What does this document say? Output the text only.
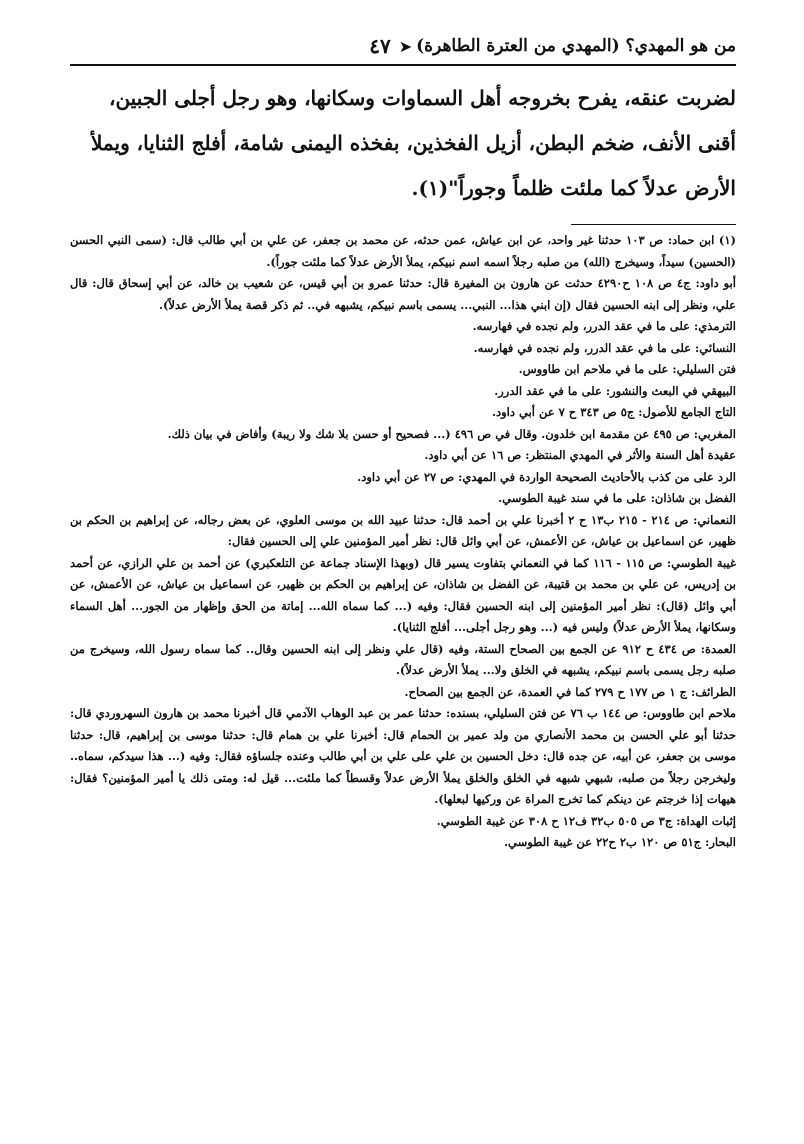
من هو المهدي؟ (المهدي من العترة الطاهرة)
➤
٤٧

لضربت عنقه، يفرح بخروجه أهل السماوات وسكانها، وهو رجل أجلى الجبين،

أقنى الأنف، ضخم البطن، أزيل الفخذين، بفخذه اليمنى شامة، أفلج الثنايا، ويملأ

الأرض عدلاً كما ملئت ظلماً وجوراً"(١).

(١) ابن حماد: ص ١٠٣ حدثنا غير واحد، عن ابن عياش، عمن حدثه، عن محمد بن جعفر، عن علي بن أبي طالب قال: (سمى النبي الحسن (الحسين) سيداً، وسيخرج (الله) من صلبه رجلاً اسمه اسم نبيكم، يملأ الأرض عدلاً كما ملئت جوراً).

أبو داود: ج٤ ص ١٠٨ ح٤٢٩٠ حدثت عن هارون بن المغيرة قال: حدثنا عمرو بن أبي قيس، عن شعيب بن خالد، عن أبي إسحاق قال: قال علي، ونظر إلى ابنه الحسين فقال (إن ابني هذا... النبي... يسمى باسم نبيكم، يشبهه في.. ثم ذكر قصة يملأ الأرض عدلاً).

الترمذي: على ما في عقد الدرر، ولم نجده في فهارسه.

النسائي: على ما في عقد الدرر، ولم نجده في فهارسه.

فتن السليلي: على ما في ملاحم ابن طاووس.

البيهقي في البعث والنشور: على ما في عقد الدرر.

التاج الجامع للأصول: ج٥ ص ٣٤٣ ح ٧ عن أبي داود.

المغربي: ص ٤٩٥ عن مقدمة ابن خلدون. وقال في ص ٤٩٦ (... فصحيح أو حسن بلا شك ولا ريبة) وأفاض في بيان ذلك.

عقيدة أهل السنة والأثر في المهدي المنتظر: ص ١٦ عن أبي داود.

الرد على من كذب بالأحاديث الصحيحة الواردة في المهدي: ص ٢٧ عن أبي داود.

الفضل بن شاذان: على ما في سند غيبة الطوسي.

النعماني: ص ٢١٤ - ٢١٥ ب١٣ ح ٢ أخبرنا علي بن أحمد قال: حدثنا عبيد الله بن موسى العلوي، عن بعض رجاله، عن إبراهيم بن الحكم بن ظهير، عن اسماعيل بن عياش، عن الأعمش، عن أبي وائل قال: نظر أمير المؤمنين علي إلى الحسين فقال:

غيبة الطوسي: ص ١١٥ - ١١٦ كما في النعماني بتفاوت يسير قال (وبهذا الإسناد جماعة عن التلعكبري) عن أحمد بن علي الرازي، عن أحمد بن إدريس، عن علي بن محمد بن قتيبة، عن الفضل بن شاذان، عن إبراهيم بن الحكم بن ظهير، عن اسماعيل بن عياش، عن الأعمش، عن أبي وائل (قال): نظر أمير المؤمنين إلى ابنه الحسين فقال: وفيه (... كما سماه الله... إماتة من الحق وإظهار من الجور... أهل السماء وسكانها، يملأ الأرض عدلاً) وليس فيه (... وهو رجل أجلى... أفلج الثنايا).

العمدة: ص ٤٣٤ ح ٩١٢ عن الجمع بين الصحاح الستة، وفيه (قال علي ونظر إلى ابنه الحسين وقال.. كما سماه رسول الله، وسيخرج من صلبه رجل يسمى باسم نبيكم، يشبهه في الخلق ولا... يملأ الأرض عدلاً).

الطرائف: ج ١ ص ١٧٧ ح ٢٧٩ كما في العمدة، عن الجمع بين الصحاح.

ملاحم ابن طاووس: ص ١٤٤ ب ٧٦ عن فتن السليلي، بسنده: حدثنا عمر بن عبد الوهاب الآدمي قال أخبرنا محمد بن هارون السهروردي قال: حدثنا أبو علي الحسن بن محمد الأنصاري من ولد عمير بن الحمام قال: أخبرنا علي بن همام قال: حدثنا موسى بن إبراهيم، قال: حدثنا موسى بن جعفر، عن أبيه، عن جده قال: دخل الحسين بن علي على علي بن أبي طالب وعنده جلساؤه فقال: وفيه (... هذا سيدكم، سماه.. وليخرجن رجلاً من صلبه، شبهي شبهه في الخلق والخلق يملأ الأرض عدلاً وقسطاً كما ملئت... قيل له: ومتى ذلك يا أمير المؤمنين؟ فقال: هيهات إذا خرجتم عن دينكم كما تخرج المراة عن وركيها لبعلها).

إثبات الهداة: ج٣ ص ٥٠٥ ب٣٢ ف١٢ ح ٣٠٨ عن غيبة الطوسي.

البحار: ج٥١ ص ١٢٠ ب٢ ح٢٢ عن غيبة الطوسي.
